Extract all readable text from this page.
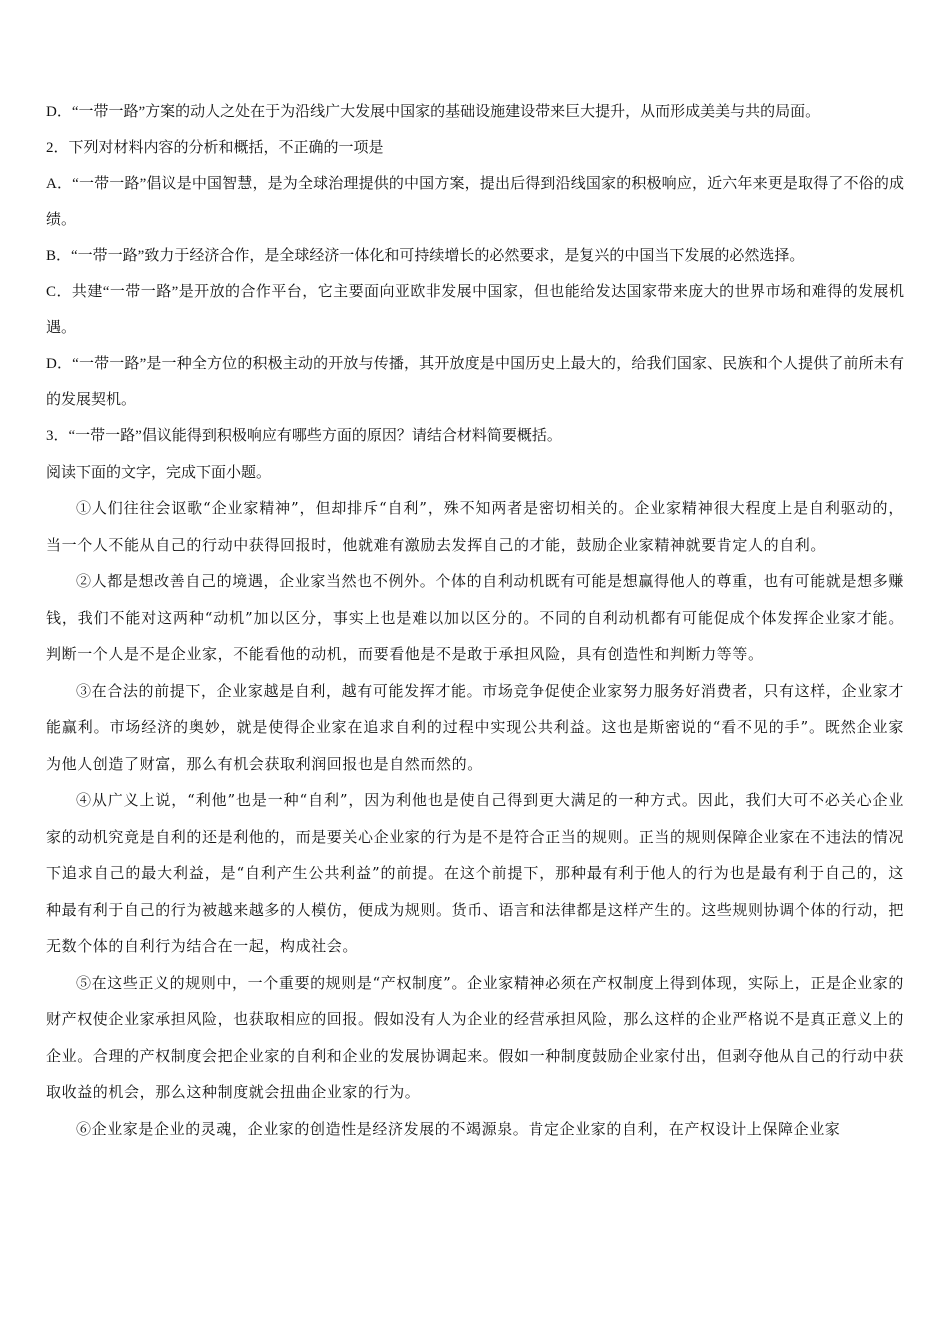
D．“一带一路”方案的动人之处在于为沿线广大发展中国家的基础设施建设带来巨大提升，从而形成美美与共的局面。

2．下列对材料内容的分析和概括，不正确的一项是

A．“一带一路”倡议是中国智慧，是为全球治理提供的中国方案，提出后得到沿线国家的积极响应，近六年来更是取得了不俗的成绩。

B．“一带一路”致力于经济合作，是全球经济一体化和可持续增长的必然要求，是复兴的中国当下发展的必然选择。

C．共建“一带一路”是开放的合作平台，它主要面向亚欧非发展中国家，但也能给发达国家带来庞大的世界市场和难得的发展机遇。

D．“一带一路”是一种全方位的积极主动的开放与传播，其开放度是中国历史上最大的，给我们国家、民族和个人提供了前所未有的发展契机。

3．“一带一路”倡议能得到积极响应有哪些方面的原因？请结合材料简要概括。

阅读下面的文字，完成下面小题。

①人们往往会讴歌“企业家精神”，但却排斥“自利”，殊不知两者是密切相关的。企业家精神很大程度上是自利驱动的，当一个人不能从自己的行动中获得回报时，他就难有激励去发挥自己的才能，鼓励企业家精神就要肯定人的自利。

②人都是想改善自己的境遇，企业家当然也不例外。个体的自利动机既有可能是想赢得他人的尊重，也有可能就是想多赚钱，我们不能对这两种“动机”加以区分，事实上也是难以加以区分的。不同的自利动机都有可能促成个体发挥企业家才能。判断一个人是不是企业家，不能看他的动机，而要看他是不是敢于承担风险，具有创造性和判断力等等。

③在合法的前提下，企业家越是自利，越有可能发挥才能。市场竞争促使企业家努力服务好消费者，只有这样，企业家才能赢利。市场经济的奥妙，就是使得企业家在追求自利的过程中实现公共利益。这也是斯密说的“看不见的手”。既然企业家为他人创造了财富，那么有机会获取利润回报也是自然而然的。

④从广义上说，“利他”也是一种“自利”，因为利他也是使自己得到更大满足的一种方式。因此，我们大可不必关心企业家的动机究竟是自利的还是利他的，而是要关心企业家的行为是不是符合正当的规则。正当的规则保障企业家在不违法的情况下追求自己的最大利益，是“自利产生公共利益”的前提。在这个前提下，那种最有利于他人的行为也是最有利于自己的，这种最有利于自己的行为被越来越多的人模仿，便成为规则。货币、语言和法律都是这样产生的。这些规则协调个体的行动，把无数个体的自利行为结合在一起，构成社会。

⑤在这些正义的规则中，一个重要的规则是“产权制度”。企业家精神必须在产权制度上得到体现，实际上，正是企业家的财产权使企业家承担风险，也获取相应的回报。假如没有人为企业的经营承担风险，那么这样的企业严格说不是真正意义上的企业。合理的产权制度会把企业家的自利和企业的发展协调起来。假如一种制度鼓励企业家付出，但剥夺他从自己的行动中获取收益的机会，那么这种制度就会扭曲企业家的行为。

⑥企业家是企业的灵魂，企业家的创造性是经济发展的不竭源泉。肯定企业家的自利，在产权设计上保障企业家
